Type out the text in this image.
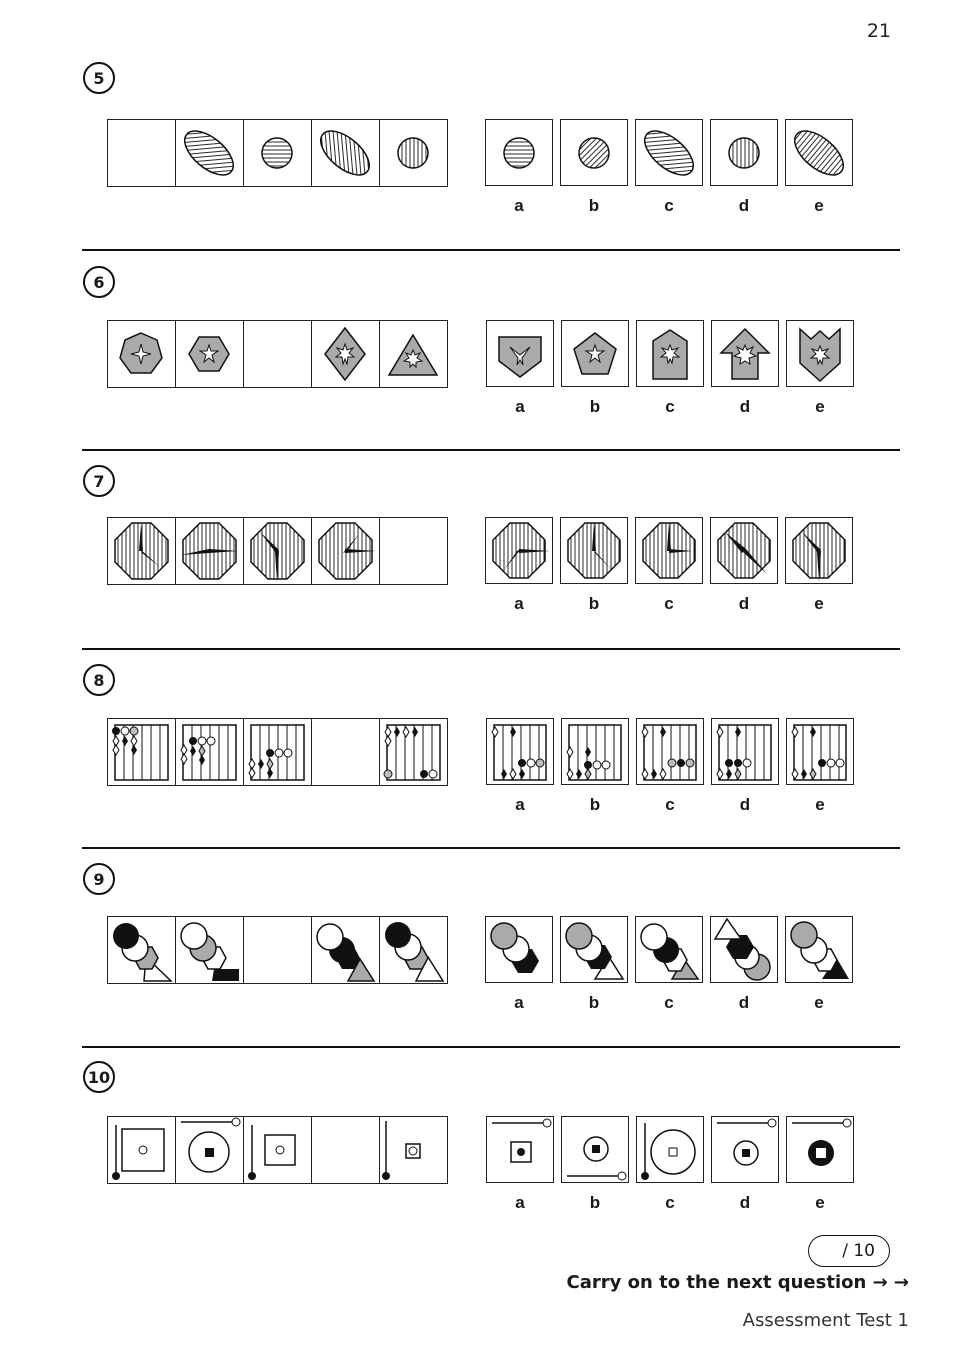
21
5
a	b	c	d	e
6
a	b	c	d	e
7
a	b	c	d	e
8
a	b	c	d	e
9
a	b	c	d	e
10
a	b	c	d	e
/ 10
Carry on to the next question → →
Assessment Test 1
